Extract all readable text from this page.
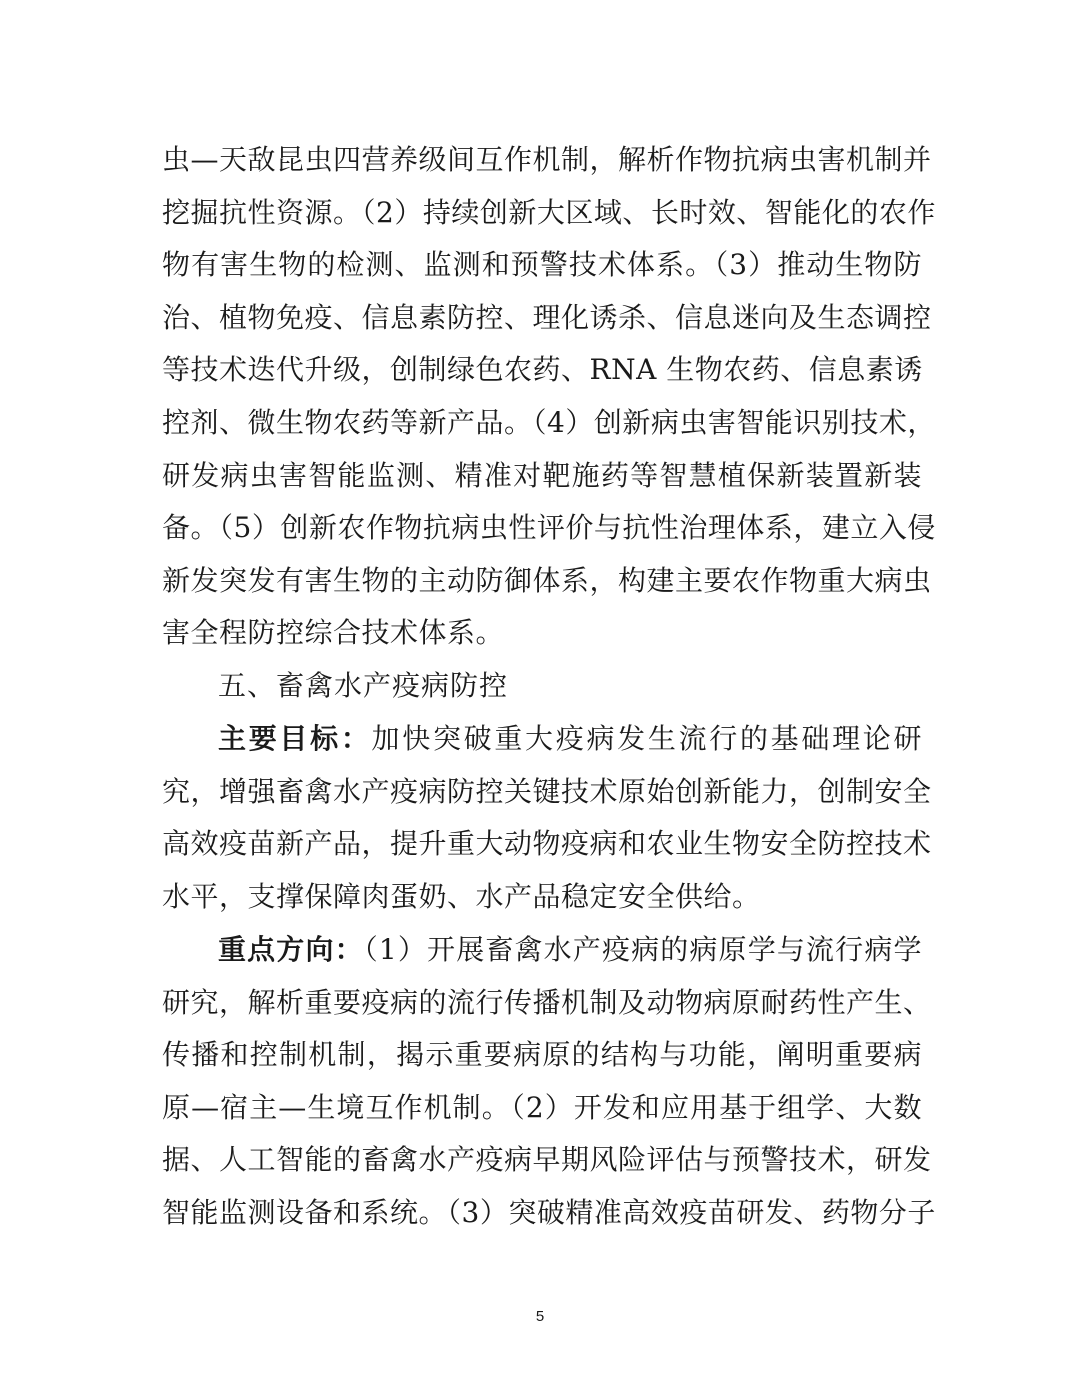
虫—天敌昆虫四营养级间互作机制，解析作物抗病虫害机制并
挖掘抗性资源。（2）持续创新大区域、长时效、智能化的农作
物有害生物的检测、监测和预警技术体系。（3）推动生物防
治、植物免疫、信息素防控、理化诱杀、信息迷向及生态调控
等技术迭代升级，创制绿色农药、RNA 生物农药、信息素诱
控剂、微生物农药等新产品。（4）创新病虫害智能识别技术，
研发病虫害智能监测、精准对靶施药等智慧植保新装置新装
备。（5）创新农作物抗病虫性评价与抗性治理体系，建立入侵
新发突发有害生物的主动防御体系，构建主要农作物重大病虫
害全程防控综合技术体系。
五、畜禽水产疫病防控
主要目标：加快突破重大疫病发生流行的基础理论研
究，增强畜禽水产疫病防控关键技术原始创新能力，创制安全
高效疫苗新产品，提升重大动物疫病和农业生物安全防控技术
水平，支撑保障肉蛋奶、水产品稳定安全供给。
重点方向：（1）开展畜禽水产疫病的病原学与流行病学
研究，解析重要疫病的流行传播机制及动物病原耐药性产生、
传播和控制机制，揭示重要病原的结构与功能，阐明重要病
原—宿主—生境互作机制。（2）开发和应用基于组学、大数
据、人工智能的畜禽水产疫病早期风险评估与预警技术，研发
智能监测设备和系统。（3）突破精准高效疫苗研发、药物分子
5
